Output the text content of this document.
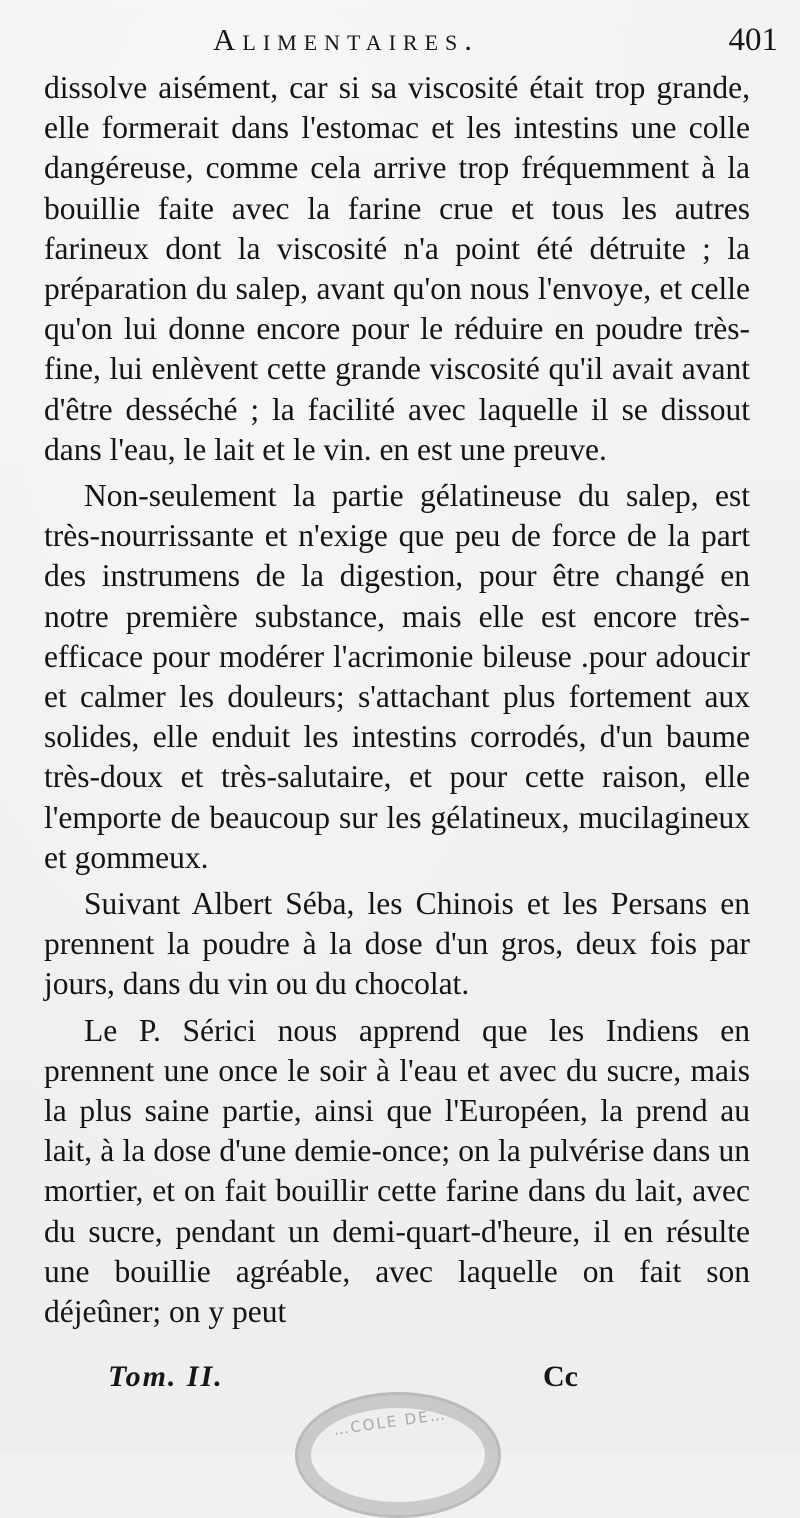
Alimentaires.	401

dissolve aisément, car si sa viscosité était trop grande, elle formerait dans l'estomac et les intestins une colle dangéreuse, comme cela arrive trop fréquemment à la bouillie faite avec la farine crue et tous les autres farineux dont la viscosité n'a point été détruite ; la préparation du salep, avant qu'on nous l'envoye, et celle qu'on lui donne encore pour le réduire en poudre très-fine, lui enlèvent cette grande viscosité qu'il avait avant d'être desséché ; la facilité avec laquelle il se dissout dans l'eau, le lait et le vin. en est une preuve.

Non-seulement la partie gélatineuse du salep, est très-nourrissante et n'exige que peu de force de la part des instrumens de la digestion, pour être changé en notre première substance, mais elle est encore très-efficace pour modérer l'acrimonie bileuse .pour adoucir et calmer les douleurs; s'attachant plus fortement aux solides, elle enduit les intestins corrodés, d'un baume très-doux et très-salutaire, et pour cette raison, elle l'emporte de beaucoup sur les gélatineux, mucilagineux et gommeux.

Suivant Albert Séba, les Chinois et les Persans en prennent la poudre à la dose d'un gros, deux fois par jours, dans du vin ou du chocolat.

Le P. Sérici nous apprend que les Indiens en prennent une once le soir à l'eau et avec du sucre, mais la plus saine partie, ainsi que l'Européen, la prend au lait, à la dose d'une demie-once; on la pulvérise dans un mortier, et on fait bouillir cette farine dans du lait, avec du sucre, pendant un demi-quart-d'heure, il en résulte une bouillie agréable, avec laquelle on fait son déjeûner; on y peut

Tom. II.	Cc
…COLE DE…
